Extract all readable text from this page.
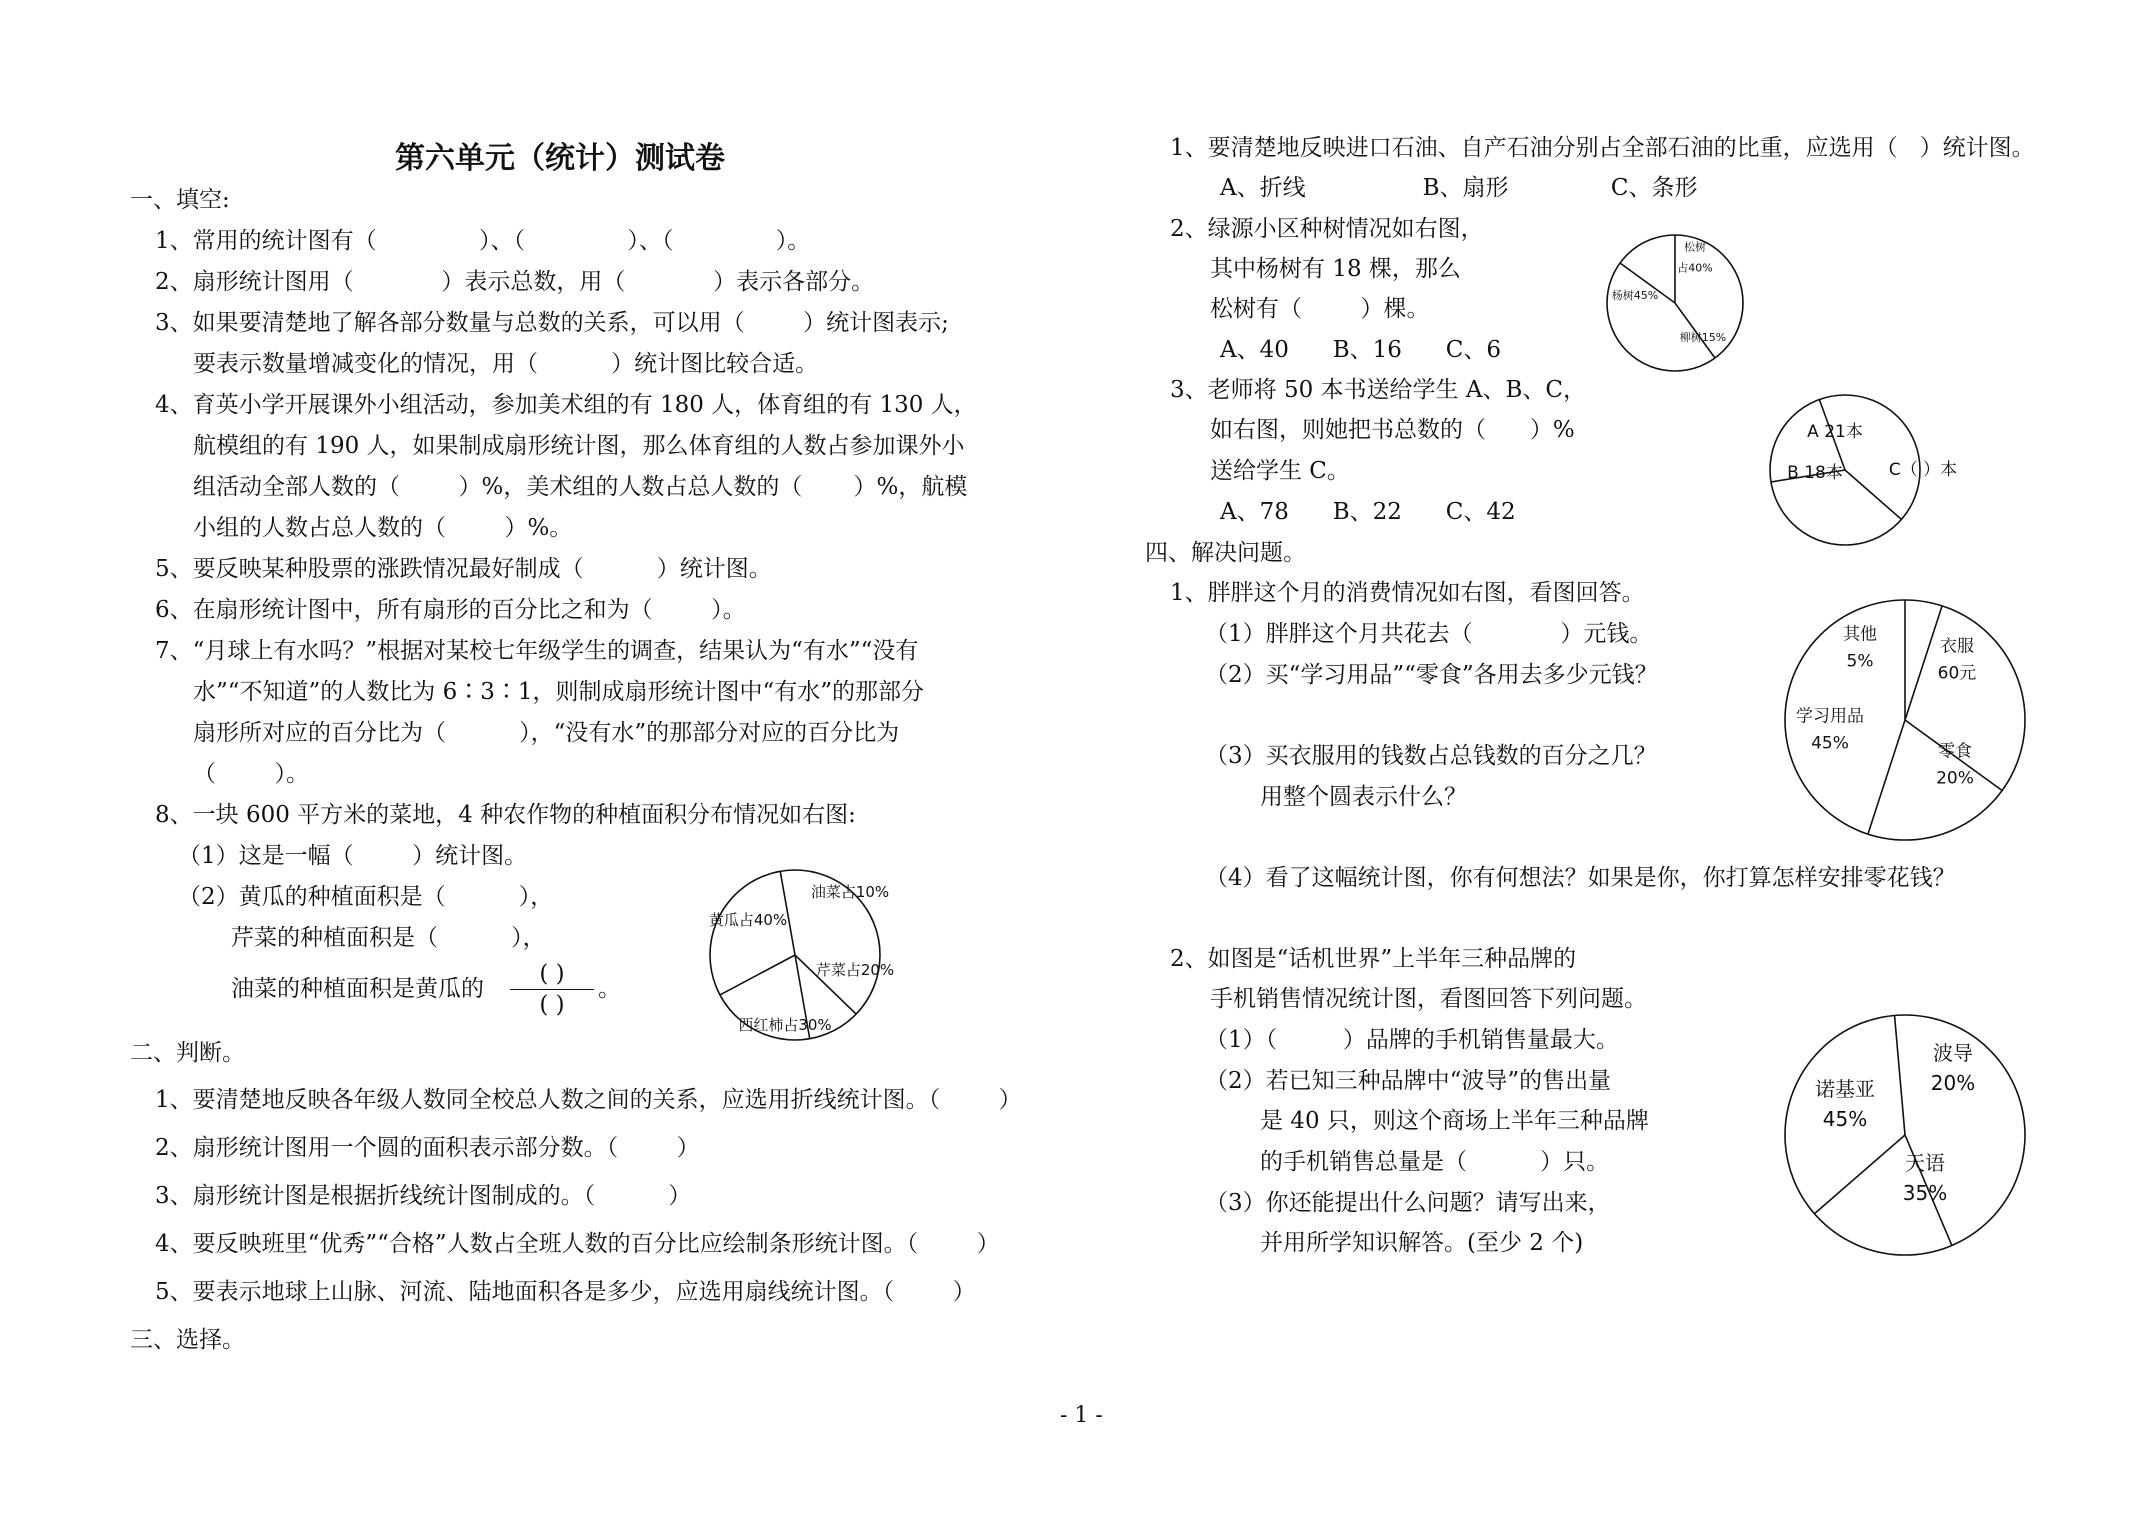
第六单元（统计）测试卷

一、填空:

1、常用的统计图有（              ）、（              ）、（              ）。

2、扇形统计图用（            ）表示总数，用（            ）表示各部分。

3、如果要清楚地了解各部分数量与总数的关系，可以用（        ）统计图表示;

要表示数量增减变化的情况，用（          ）统计图比较合适。

4、育英小学开展课外小组活动，参加美术组的有 180 人，体育组的有 130 人，

航模组的有 190 人，如果制成扇形统计图，那么体育组的人数占参加课外小

组活动全部人数的（        ）%，美术组的人数占总人数的（       ）%，航模

小组的人数占总人数的（        ）%。

5、要反映某种股票的涨跌情况最好制成（          ）统计图。

6、在扇形统计图中，所有扇形的百分比之和为（        ）。

7、“月球上有水吗？”根据对某校七年级学生的调查，结果认为“有水”“没有

水”“不知道”的人数比为 6∶3∶1，则制成扇形统计图中“有水”的那部分

扇形所对应的百分比为（          ），“没有水”的那部分对应的百分比为

（        ）。

8、一块 600 平方米的菜地，4 种农作物的种植面积分布情况如右图:

（1）这是一幅（        ）统计图。

（2）黄瓜的种植面积是（          ），

芹菜的种植面积是（          ），

油菜的种植面积是黄瓜的

( )
( )

。

二、判断。

1、要清楚地反映各年级人数同全校总人数之间的关系，应选用折线统计图。（        ）

2、扇形统计图用一个圆的面积表示部分数。（        ）

3、扇形统计图是根据折线统计图制成的。（          ）

4、要反映班里“优秀”“合格”人数占全班人数的百分比应绘制条形统计图。（        ）

5、要表示地球上山脉、河流、陆地面积各是多少，应选用扇线统计图。（        ）

三、选择。

1、要清楚地反映进口石油、自产石油分别占全部石油的比重，应选用（   ）统计图。

A、折线                B、扇形              C、条形

2、绿源小区种树情况如右图，

其中杨树有 18 棵，那么

松树有（        ）棵。

A、40      B、16      C、6

3、老师将 50 本书送给学生 A、B、C，

如右图，则她把书总数的（      ）%

送给学生 C。

A、78      B、22      C、42

四、解决问题。

1、胖胖这个月的消费情况如右图，看图回答。

（1）胖胖这个月共花去（            ）元钱。

（2）买“学习用品”“零食”各用去多少元钱？

（3）买衣服用的钱数占总钱数的百分之几？

用整个圆表示什么？

（4）看了这幅统计图，你有何想法？如果是你，你打算怎样安排零花钱？

2、如图是“话机世界”上半年三种品牌的

手机销售情况统计图，看图回答下列问题。

（1）（         ）品牌的手机销售量最大。

（2）若已知三种品牌中“波导”的售出量

是 40 只，则这个商场上半年三种品牌

的手机销售总量是（          ）只。

（3）你还能提出什么问题？请写出来，

并用所学知识解答。(至少 2 个)

黄瓜占40%
油菜占10%
芹菜占20%
西红柿占30%
松树占40%
杨树45%
柳树15%
A 21本
B 18本	C（ ）本
其他 5%
衣服 60元
零食 20%
学习用品 45%
诺基亚 45%
波导 20%
天语 35%
- 1 -
